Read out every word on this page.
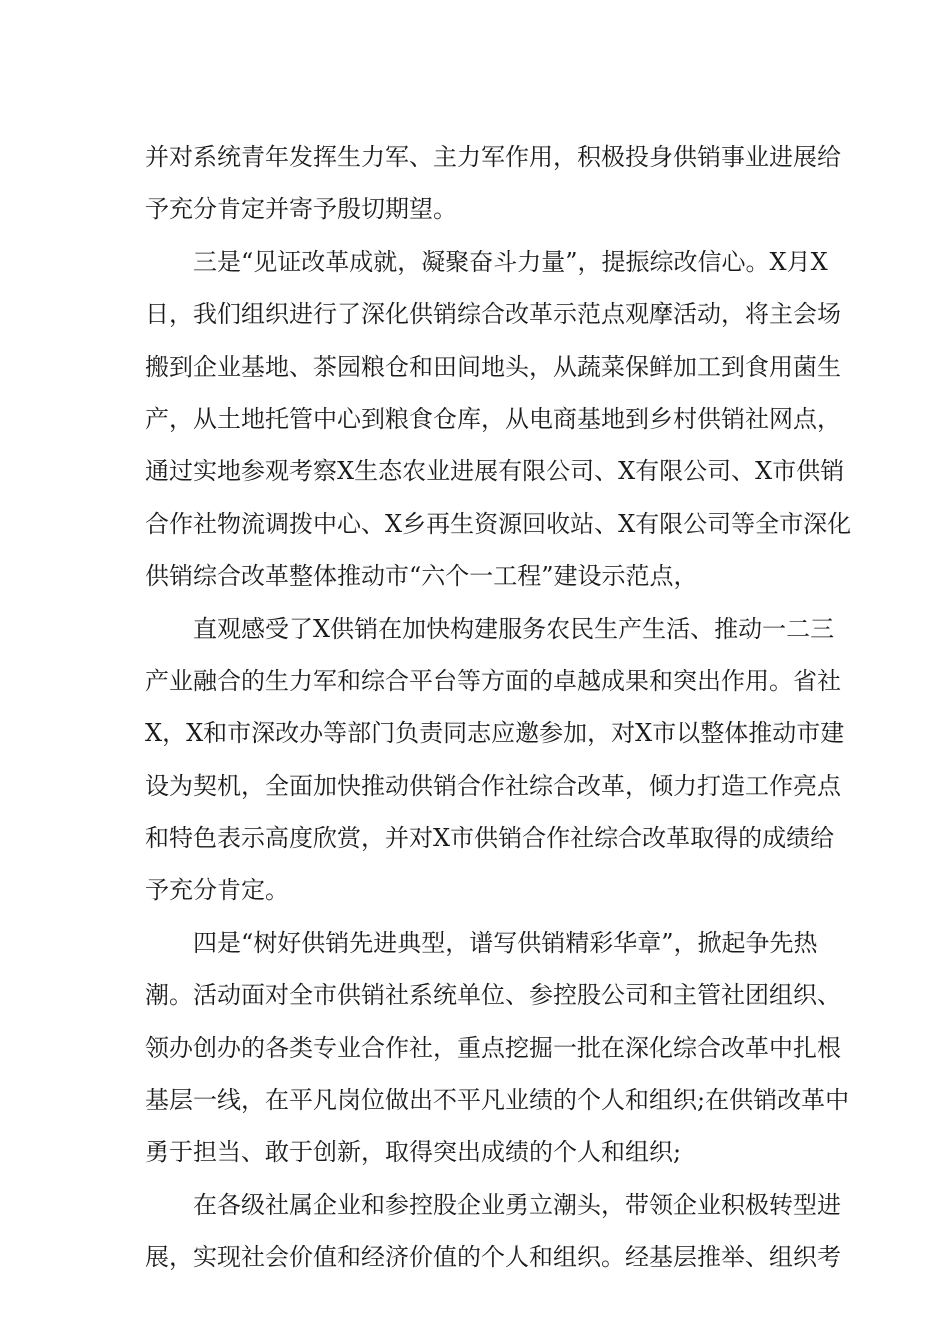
并对系统青年发挥生力军、主力军作用，积极投身供销事业进展给
予充分肯定并寄予殷切期望。
三是“见证改革成就，凝聚奋斗力量”，提振综改信心。X月X
日，我们组织进行了深化供销综合改革示范点观摩活动，将主会场
搬到企业基地、茶园粮仓和田间地头，从蔬菜保鲜加工到食用菌生
产，从土地托管中心到粮食仓库，从电商基地到乡村供销社网点，
通过实地参观考察X生态农业进展有限公司、X有限公司、X市供销
合作社物流调拨中心、X乡再生资源回收站、X有限公司等全市深化
供销综合改革整体推动市“六个一工程”建设示范点，
直观感受了X供销在加快构建服务农民生产生活、推动一二三
产业融合的生力军和综合平台等方面的卓越成果和突出作用。省社
X，X和市深改办等部门负责同志应邀参加，对X市以整体推动市建
设为契机，全面加快推动供销合作社综合改革，倾力打造工作亮点
和特色表示高度欣赏，并对X市供销合作社综合改革取得的成绩给
予充分肯定。
四是“树好供销先进典型，谱写供销精彩华章”，掀起争先热
潮。活动面对全市供销社系统单位、参控股公司和主管社团组织、
领办创办的各类专业合作社，重点挖掘一批在深化综合改革中扎根
基层一线，在平凡岗位做出不平凡业绩的个人和组织;在供销改革中
勇于担当、敢于创新，取得突出成绩的个人和组织;
在各级社属企业和参控股企业勇立潮头，带领企业积极转型进
展，实现社会价值和经济价值的个人和组织。经基层推举、组织考
